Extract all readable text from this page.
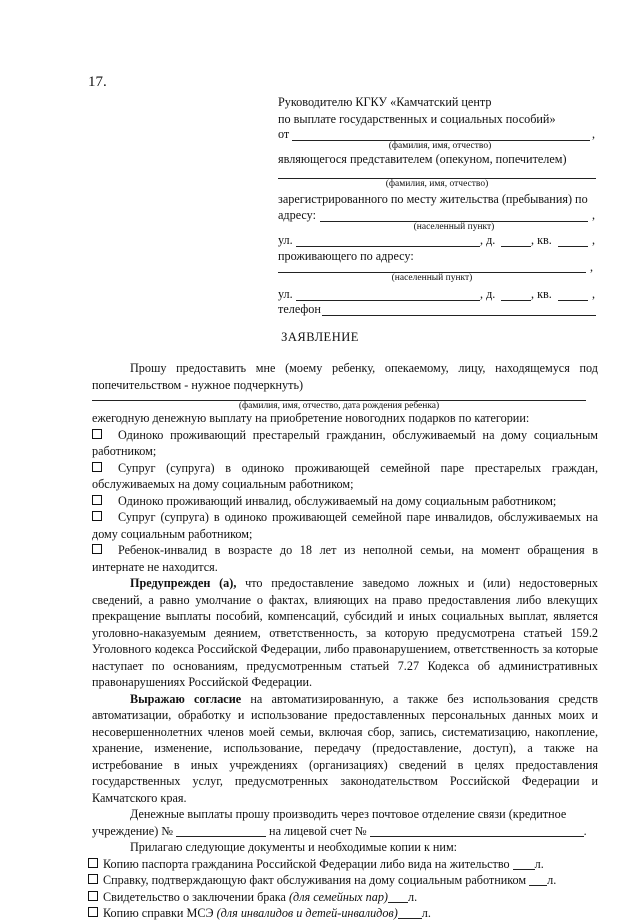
17.
Руководителю КГКУ «Камчатский центр
по выплате государственных и социальных пособий»
от	,
(фамилия, имя, отчество)
являющегося представителем (опекуном, попечителем)
(фамилия, имя, отчество)
зарегистрированного по месту жительства (пребывания) по
адресу:	,
(населенный пункт)
ул.	, д.	, кв.	,
проживающего по адресу:
,
(населенный пункт)
ул.	, д.	, кв.	,
телефон
ЗАЯВЛЕНИЕ

Прошу предоставить мне (моему ребенку, опекаемому, лицу, находящемуся под попечительством - нужное подчеркнуть)

(фамилия, имя, отчество, дата рождения ребенка)

ежегодную денежную выплату на приобретение новогодних подарков по категории:

Одиноко проживающий престарелый гражданин, обслуживаемый на дому социальным работником;

Супруг (супруга) в одиноко проживающей семейной паре престарелых граждан, обслуживаемых на дому социальным работником;

Одиноко проживающий инвалид, обслуживаемый на дому социальным работником;

Супруг (супруга) в одиноко проживающей семейной паре инвалидов, обслуживаемых на дому социальным работником;

Ребенок-инвалид в возрасте до 18 лет из неполной семьи, на момент обращения в интернате не находится.

Предупрежден (а), что предоставление заведомо ложных и (или) недостоверных сведений, а равно умолчание о фактах, влияющих на право предоставления либо влекущих прекращение выплаты пособий, компенсаций, субсидий и иных социальных выплат, является уголовно-наказуемым деянием, ответственность, за которую предусмотрена статьей 159.2 Уголовного кодекса Российской Федерации, либо правонарушением, ответственность за которые наступает по основаниям, предусмотренным статьей 7.27 Кодекса об административных правонарушениях Российской Федерации.

Выражаю согласие на автоматизированную, а также без использования средств автоматизации, обработку и использование предоставленных персональных данных моих и несовершеннолетних членов моей семьи, включая сбор, запись, систематизацию, накопление, хранение, изменение, использование, передачу (предоставление, доступ), а также на истребование в иных учреждениях (организациях) сведений в целях предоставления государственных услуг, предусмотренных законодательством Российской Федерации и Камчатского края.

Денежные выплаты прошу производить через почтовое отделение связи (кредитное

учреждение) №	на лицевой счет №	.

Прилагаю следующие документы и необходимые копии к ним:

Копию паспорта гражданина Российской Федерации либо вида на жительство л.

Справку, подтверждающую факт обслуживания на дому социальным работником л.

Свидетельство о заключении брака (для семейных пар) л.

Копию справки МСЭ (для инвалидов и детей-инвалидов) л.
